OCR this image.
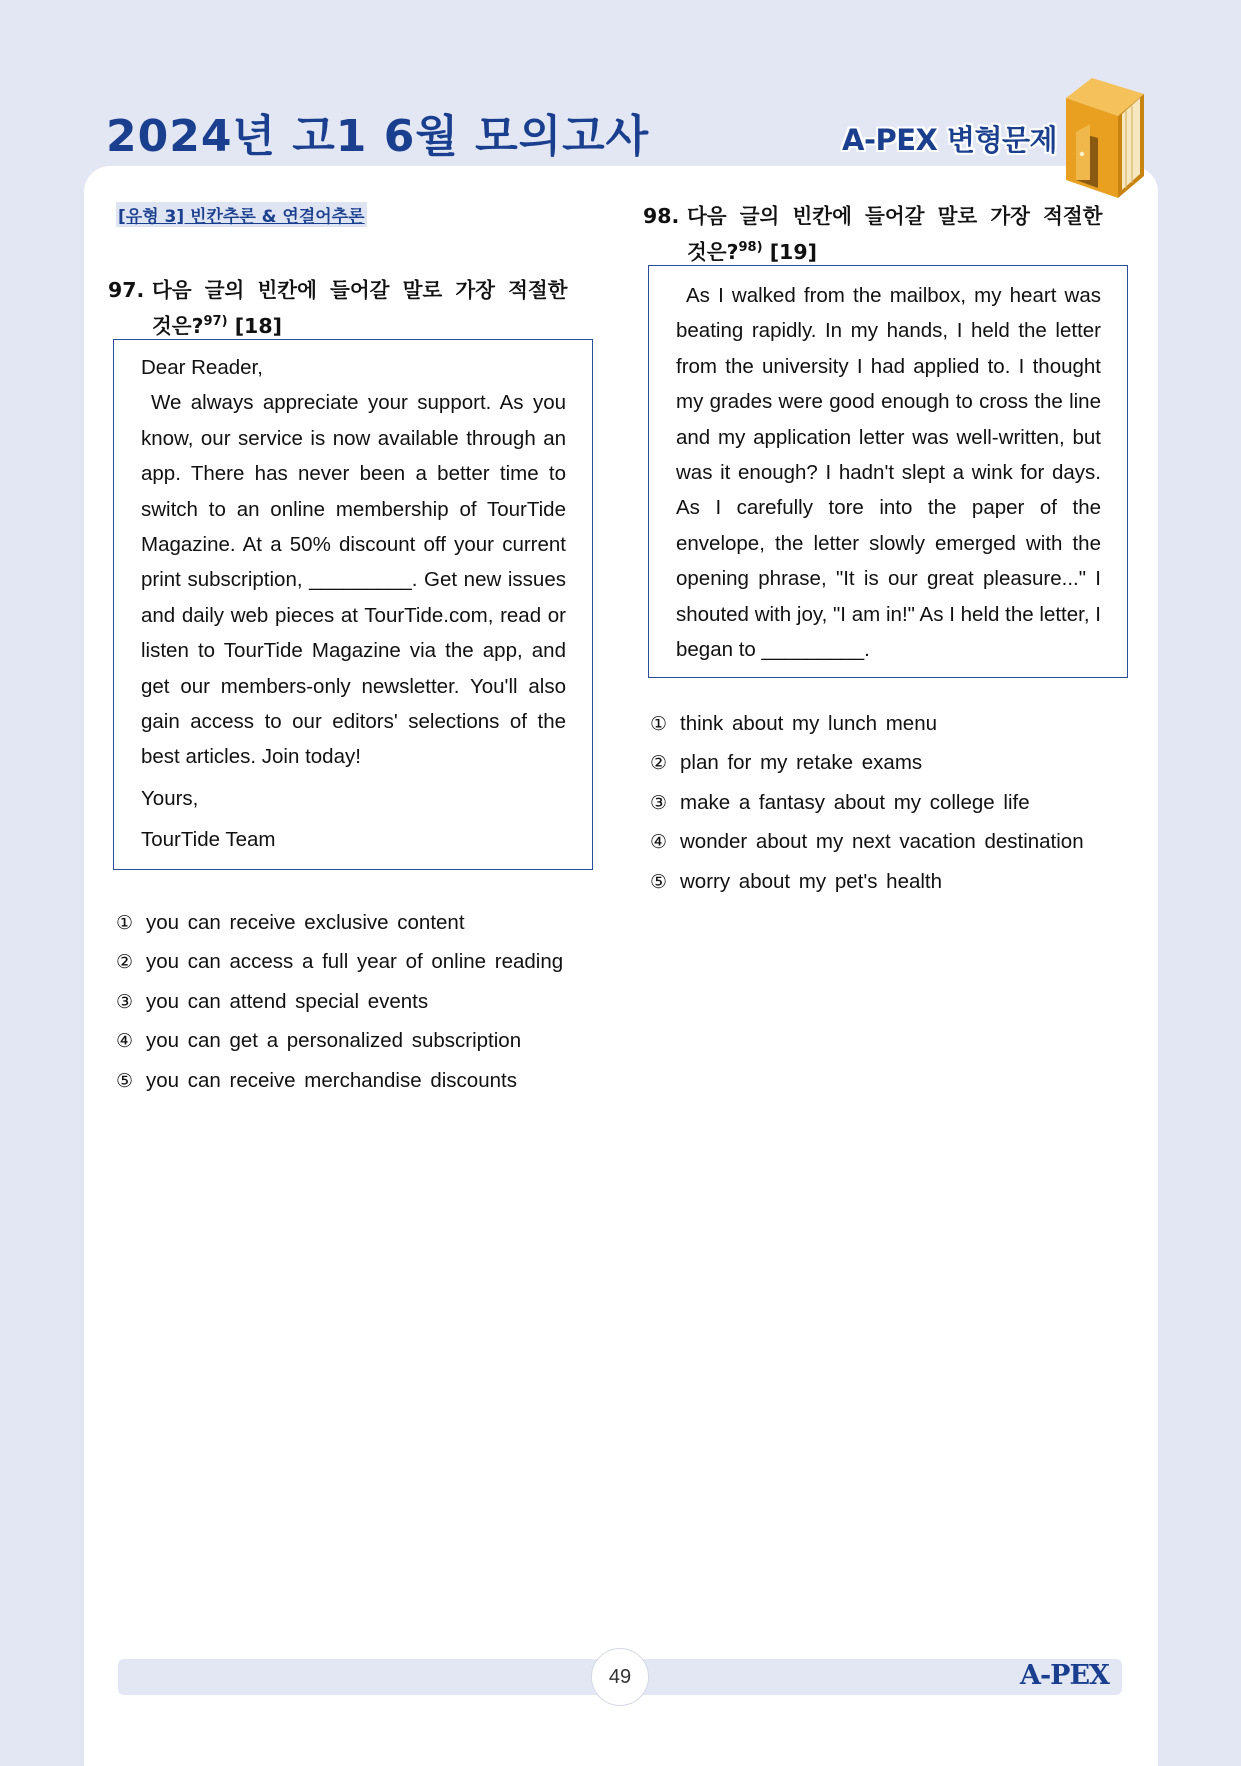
2024년 고1 6월 모의고사	A-PEX 변형문제
[유형 3] 빈칸추론 & 연결어추론
97. 다음 글의 빈칸에 들어갈 말로 가장 적절한
것은?$^{97)}$ [18]

Dear Reader,

We always appreciate your support. As you know, our service is now available through an app. There has never been a better time to switch to an online membership of TourTide Magazine. At a 50% discount off your current print subscription, _________. Get new issues and daily web pieces at TourTide.com, read or listen to TourTide Magazine via the app, and get our members-only newsletter. You'll also gain access to our editors' selections of the best articles. Join today!

Yours,

TourTide Team

① you can receive exclusive content
② you can access a full year of online reading
③ you can attend special events
④ you can get a personalized subscription
⑤ you can receive merchandise discounts
98. 다음 글의 빈칸에 들어갈 말로 가장 적절한
것은?$^{98)}$ [19]

As I walked from the mailbox, my heart was beating rapidly. In my hands, I held the letter from the university I had applied to. I thought my grades were good enough to cross the line and my application letter was well-written, but was it enough? I hadn't slept a wink for days. As I carefully tore into the paper of the envelope, the letter slowly emerged with the opening phrase, "It is our great pleasure..." I shouted with joy, "I am in!" As I held the letter, I began to _________.

① think about my lunch menu
② plan for my retake exams
③ make a fantasy about my college life
④ wonder about my next vacation destination
⑤ worry about my pet's health
49	A-PEX
